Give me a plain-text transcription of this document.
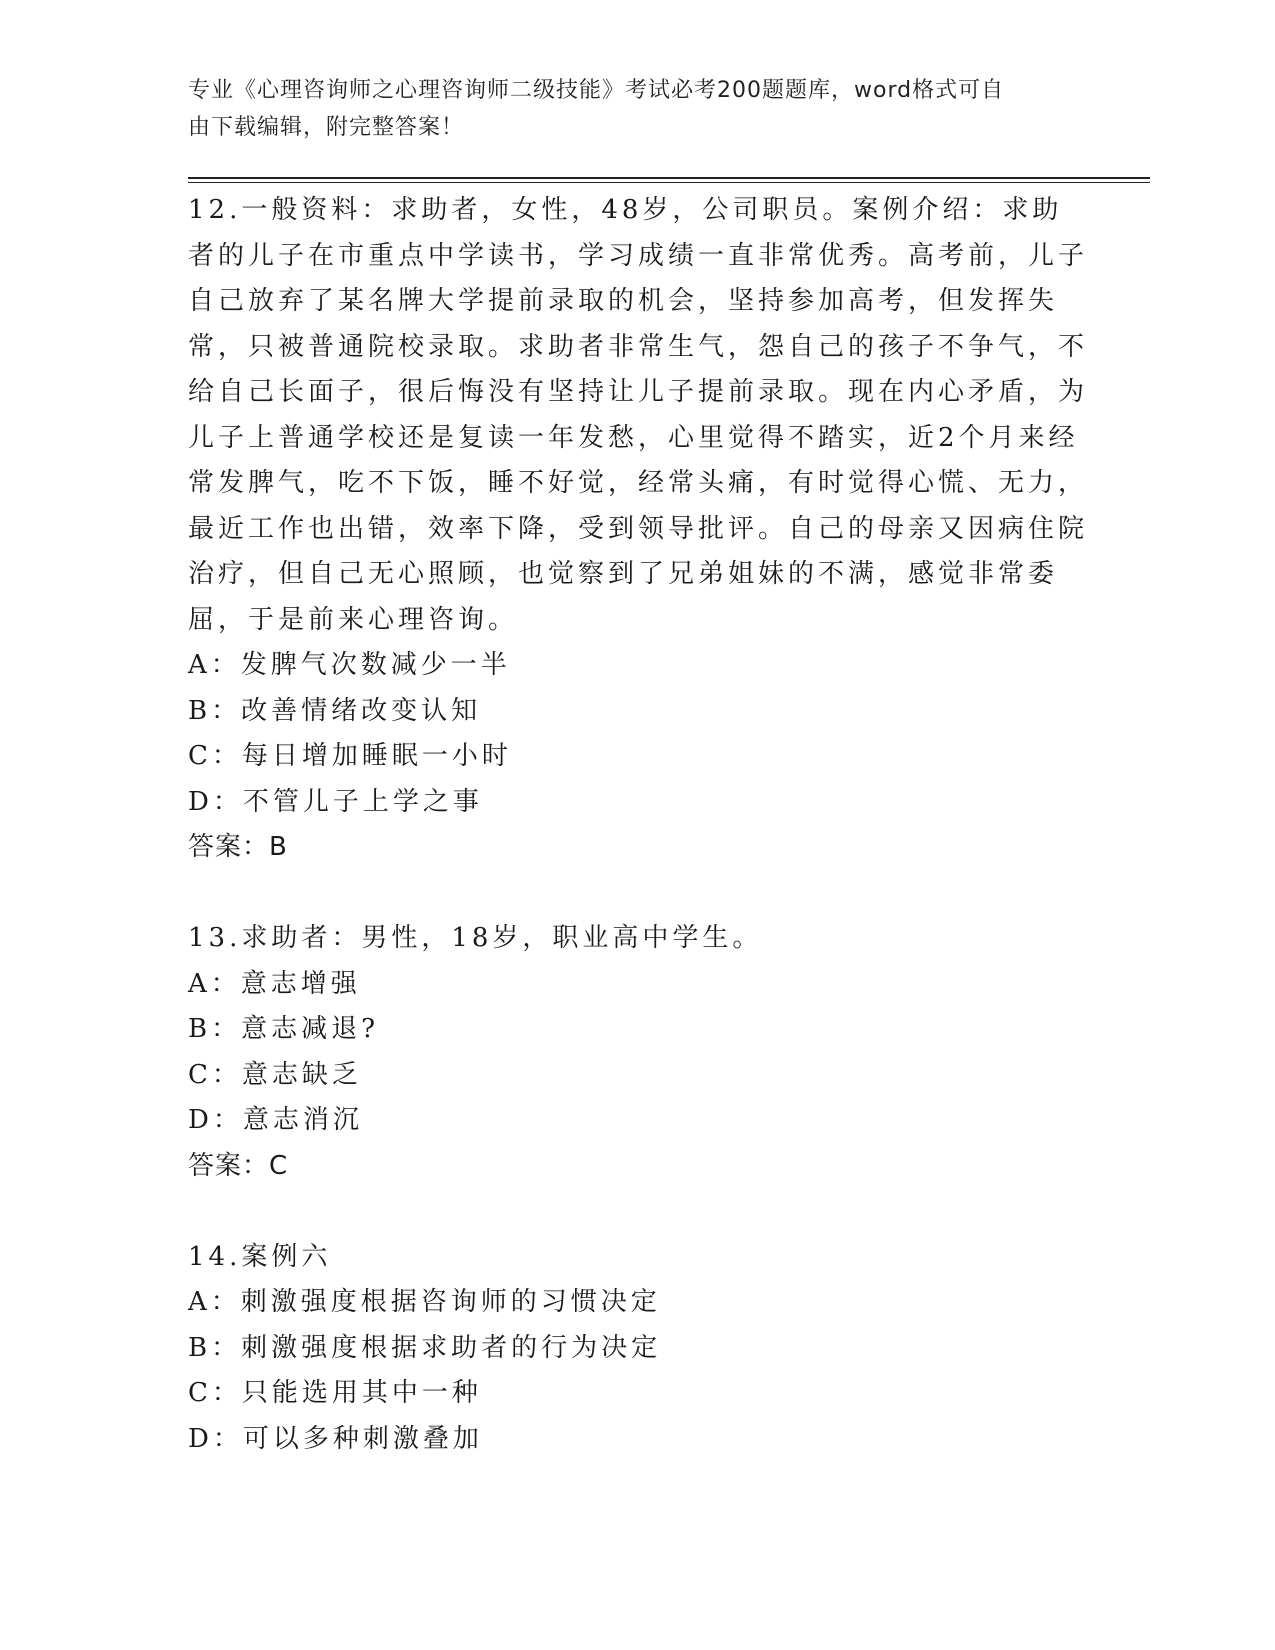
专业《心理咨询师之心理咨询师二级技能》考试必考200题题库，word格式可自
由下载编辑，附完整答案！

12.一般资料：求助者，女性，48岁，公司职员。案例介绍：求助者的儿子在市重点中学读书，学习成绩一直非常优秀。高考前，儿子自己放弃了某名牌大学提前录取的机会，坚持参加高考，但发挥失常，只被普通院校录取。求助者非常生气，怨自己的孩子不争气，不给自己长面子，很后悔没有坚持让儿子提前录取。现在内心矛盾，为儿子上普通学校还是复读一年发愁，心里觉得不踏实，近2个月来经常发脾气，吃不下饭，睡不好觉，经常头痛，有时觉得心慌、无力，最近工作也出错，效率下降，受到领导批评。自己的母亲又因病住院治疗，但自己无心照顾，也觉察到了兄弟姐妹的不满，感觉非常委屈，于是前来心理咨询。

A：发脾气次数减少一半

B：改善情绪改变认知

C：每日增加睡眠一小时

D：不管儿子上学之事

答案：B

13.求助者：男性，18岁，职业高中学生。

A：意志增强

B：意志减退?

C：意志缺乏

D：意志消沉

答案：C

14.案例六

A：刺激强度根据咨询师的习惯决定

B：刺激强度根据求助者的行为决定

C：只能选用其中一种

D：可以多种刺激叠加
